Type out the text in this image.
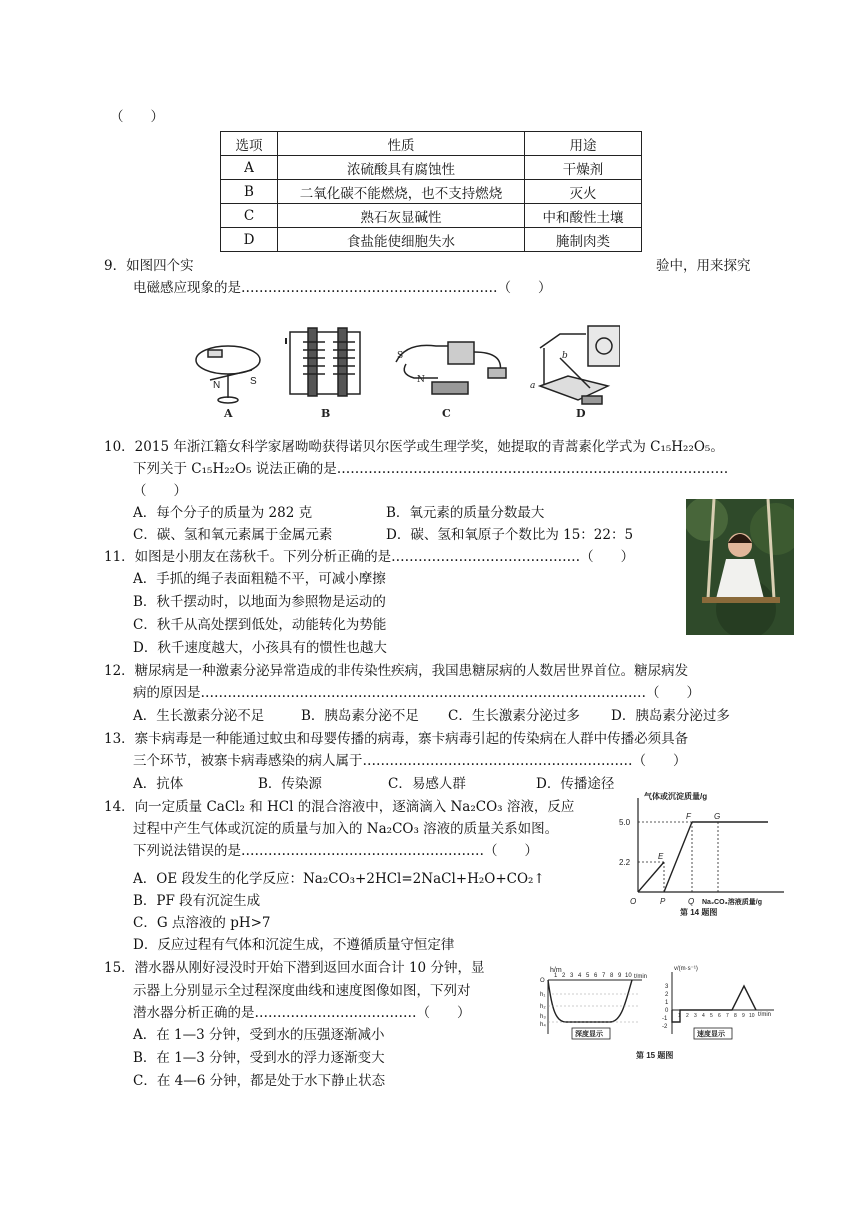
（　　）
选项	性质	用途
A	浓硫酸具有腐蚀性	干燥剂
B	二氧化碳不能燃烧，也不支持燃烧	灭火
C	熟石灰显碱性	中和酸性土壤
D	食盐能使细胞失水	腌制肉类
9．如图四个实	验中，用来探究
电磁感应现象的是…………………………………………………（　　）
N	S
A	B
S
N
C
a
b
D
10．2015 年浙江籍女科学家屠呦呦获得诺贝尔医学或生理学奖，她提取的青蒿素化学式为 C₁₅H₂₂O₅。
下列关于 C₁₅H₂₂O₅ 说法正确的是……………………………………………………………………………
（　　）
A．每个分子的质量为 282 克	B．氧元素的质量分数最大
C．碳、氢和氧元素属于金属元素	D．碳、氢和氧原子个数比为 15：22：5
11．如图是小朋友在荡秋千。下列分析正确的是……………………………………（　　）
A．手抓的绳子表面粗糙不平，可减小摩擦
B．秋千摆动时，以地面为参照物是运动的
C．秋千从高处摆到低处，动能转化为势能
D．秋千速度越大，小孩具有的惯性也越大
12．糖尿病是一种激素分泌异常造成的非传染性疾病，我国患糖尿病的人数居世界首位。糖尿病发
病的原因是………………………………………………………………………………………（　　）
A．生长激素分泌不足	B．胰岛素分泌不足 C．生长激素分泌过多 D．胰岛素分泌过多
13．寨卡病毒是一种能通过蚊虫和母婴传播的病毒，寨卡病毒引起的传染病在人群中传播必须具备
三个环节，被寨卡病毒感染的病人属于……………………………………………………（　　）
A．抗体	B．传染源	C．易感人群	D．传播途径
14．向一定质量 CaCl₂ 和 HCl 的混合溶液中，逐滴滴入 Na₂CO₃ 溶液，反应
过程中产生气体或沉淀的质量与加入的 Na₂CO₃ 溶液的质量关系如图。
下列说法错误的是………………………………………………（　　）
A．OE 段发生的化学反应：Na₂CO₃+2HCl=2NaCl+H₂O+CO₂↑
B．PF 段有沉淀生成
C．G 点溶液的 pH>7
D．反应过程有气体和沉淀生成，不遵循质量守恒定律
气体或沉淀质量/g
5.0
2.2
O	P	Q
E
F	G
Na₂CO₃溶液质量/g
第 14 题图
15．潜水器从刚好浸没时开始下潜到返回水面合计 10 分钟，显
示器上分别显示全过程深度曲线和速度图像如图，下列对
潜水器分析正确的是………………………………（　　）
A．在 1—3 分钟，受到水的压强逐渐减小
B．在 1—3 分钟，受到水的浮力逐渐变大
C．在 4—6 分钟，都是处于水下静止状态
h/m
t/min
O
h₁
h₂
h₃
h₄
1 2 3 4 5 6 7 8 9 10
深度显示
v/(m·s⁻¹)
t/min
3
2
1
0
-1
-2
1 2 3 4 5 6 7 8 9 10
速度显示
第 15 题图
